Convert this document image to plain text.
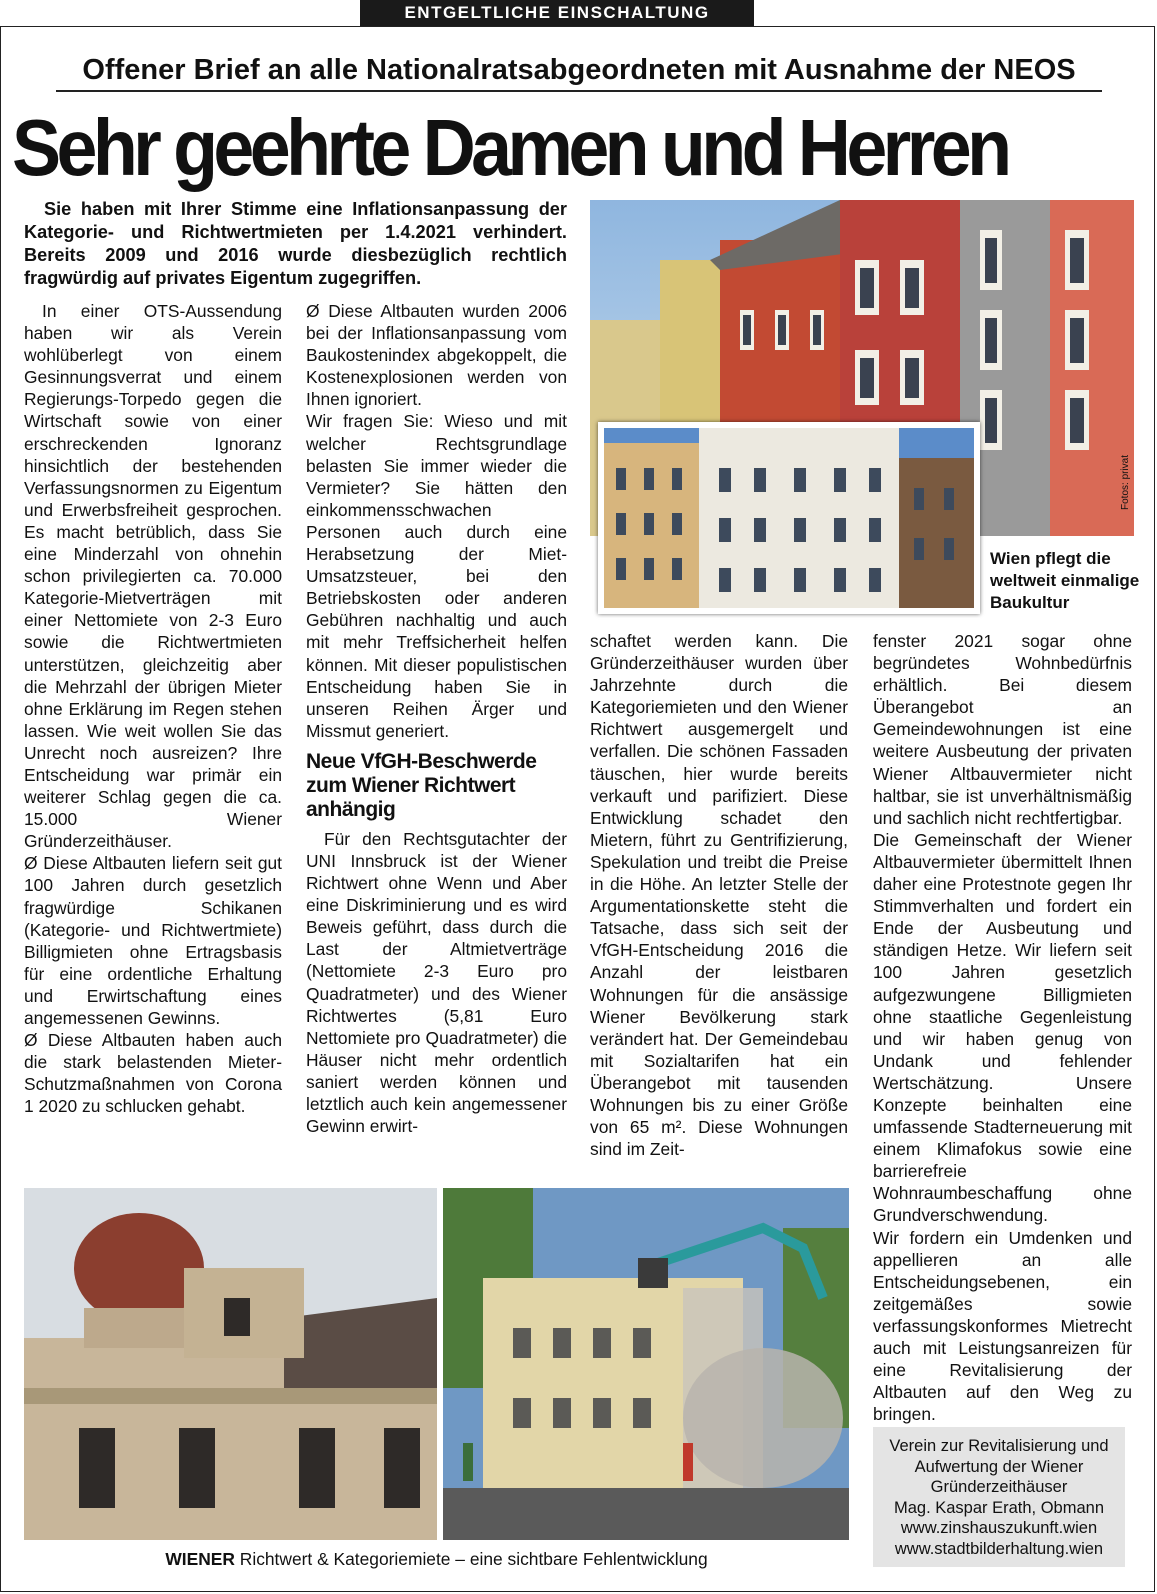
ENTGELTLICHE EINSCHALTUNG
Offener Brief an alle Nationalratsabgeordneten mit Ausnahme der NEOS
Sehr geehrte Damen und Herren
Sie haben mit Ihrer Stimme eine Inflationsanpassung der Kategorie- und Richtwertmieten per 1.4.2021 verhindert. Bereits 2009 und 2016 wurde diesbezüglich rechtlich fragwürdig auf privates Eigentum zugegriffen.

In einer OTS-Aussendung haben wir als Verein wohlüberlegt von einem Gesinnungsverrat und einem Regierungs-Torpedo gegen die Wirtschaft sowie von einer erschreckenden Ignoranz hinsichtlich der bestehenden Verfassungsnormen zu Eigentum und Erwerbsfreiheit gesprochen. Es macht betrüblich, dass Sie eine Minderzahl von ohnehin schon privilegierten ca. 70.000 Kategorie-Mietverträgen mit einer Nettomiete von 2-3 Euro sowie die Richtwertmieten unterstützen, gleichzeitig aber die Mehrzahl der übrigen Mieter ohne Erklärung im Regen stehen lassen. Wie weit wollen Sie das Unrecht noch ausreizen? Ihre Entscheidung war primär ein weiterer Schlag gegen die ca. 15.000 Wiener Gründerzeithäuser.

Ø Diese Altbauten liefern seit gut 100 Jahren durch gesetzlich fragwürdige Schikanen (Kategorie- und Richtwertmiete) Billigmieten ohne Ertragsbasis für eine ordentliche Erhaltung und Erwirtschaftung eines angemessenen Gewinns.

Ø Diese Altbauten haben auch die stark belastenden Mieter-Schutzmaßnahmen von Corona 1 2020 zu schlucken gehabt.

Ø Diese Altbauten wurden 2006 bei der Inflationsanpassung vom Baukostenindex abgekoppelt, die Kostenexplosionen werden von Ihnen ignoriert.

Wir fragen Sie: Wieso und mit welcher Rechtsgrundlage belasten Sie immer wieder die Vermieter? Sie hätten den einkommensschwachen Personen auch durch eine Herabsetzung der Miet-Umsatzsteuer, bei den Betriebskosten oder anderen Gebühren nachhaltig und auch mit mehr Treffsicherheit helfen können. Mit dieser populistischen Entscheidung haben Sie in unseren Reihen Ärger und Missmut generiert.

Neue VfGH-Beschwerde zum Wiener Richtwert anhängig

Für den Rechtsgutachter der UNI Innsbruck ist der Wiener Richtwert ohne Wenn und Aber eine Diskriminierung und es wird Beweis geführt, dass durch die Last der Altmietverträge (Nettomiete 2-3 Euro pro Quadratmeter) und des Wiener Richtwertes (5,81 Euro Nettomiete pro Quadratmeter) die Häuser nicht mehr ordentlich saniert werden können und letztlich auch kein angemessener Gewinn erwirt-

schaftet werden kann. Die Gründerzeithäuser wurden über Jahrzehnte durch die Kategoriemieten und den Wiener Richtwert ausgemergelt und verfallen. Die schönen Fassaden täuschen, hier wurde bereits verkauft und parifiziert. Diese Entwicklung schadet den Mietern, führt zu Gentrifizierung, Spekulation und treibt die Preise in die Höhe. An letzter Stelle der Argumentationskette steht die Tatsache, dass sich seit der VfGH-Entscheidung 2016 die Anzahl der leistbaren Wohnungen für die ansässige Wiener Bevölkerung stark verändert hat. Der Gemeindebau mit Sozialtarifen hat ein Überangebot mit tausenden Wohnungen bis zu einer Größe von 65 m². Diese Wohnungen sind im Zeit-

fenster 2021 sogar ohne begründetes Wohnbedürfnis erhältlich. Bei diesem Überangebot an Gemeindewohnungen ist eine weitere Ausbeutung der privaten Wiener Altbauvermieter nicht haltbar, sie ist unverhältnismäßig und sachlich nicht rechtfertigbar.

Die Gemeinschaft der Wiener Altbauvermieter übermittelt Ihnen daher eine Protestnote gegen Ihr Stimmverhalten und fordert ein Ende der Ausbeutung und ständigen Hetze. Wir liefern seit 100 Jahren gesetzlich aufgezwungene Billigmieten ohne staatliche Gegenleistung und wir haben genug von Undank und fehlender Wertschätzung. Unsere Konzepte beinhalten eine umfassende Stadterneuerung mit einem Klimafokus sowie eine barrierefreie Wohnraumbeschaffung ohne Grundverschwendung.

Wir fordern ein Umdenken und appellieren an alle Entscheidungsebenen, ein zeitgemäßes sowie verfassungskonformes Mietrecht auch mit Leistungsanreizen für eine Revitalisierung der Altbauten auf den Weg zu bringen.

Fotos: privat
Wien pflegt die weltweit einmalige Baukultur
WIENER Richtwert & Kategoriemiete – eine sichtbare Fehlentwicklung
Verein zur Revitalisierung und
Aufwertung der Wiener
Gründerzeithäuser
Mag. Kaspar Erath, Obmann
www.zinshauszukunft.wien
www.stadtbilderhaltung.wien
